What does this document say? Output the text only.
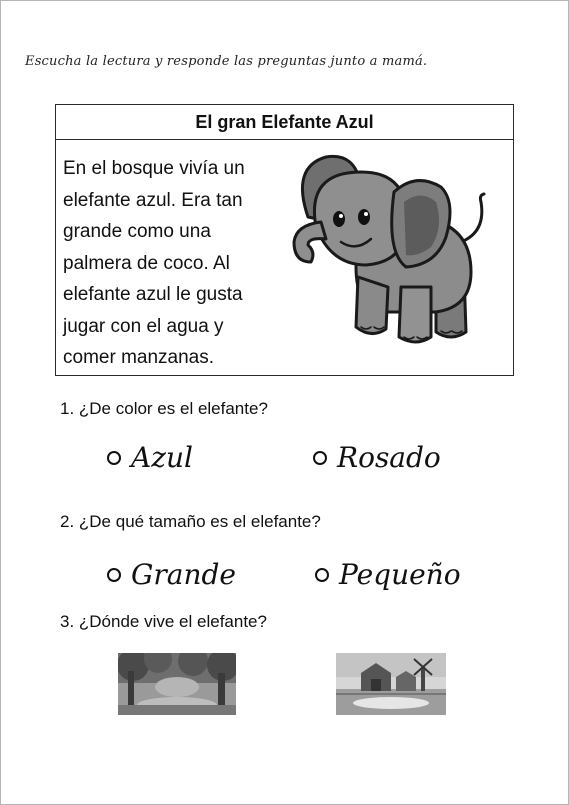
Escucha la lectura y responde las preguntas junto a mamá.
El gran Elefante Azul
En el bosque vivía un
elefante azul. Era tan
grande como una
palmera de coco. Al
elefante azul le gusta
jugar con el agua y
comer manzanas.
1. ¿De color es el elefante?
Azul	Rosado
2. ¿De qué tamaño es el elefante?
Grande	Pequeño
3. ¿Dónde vive el elefante?
